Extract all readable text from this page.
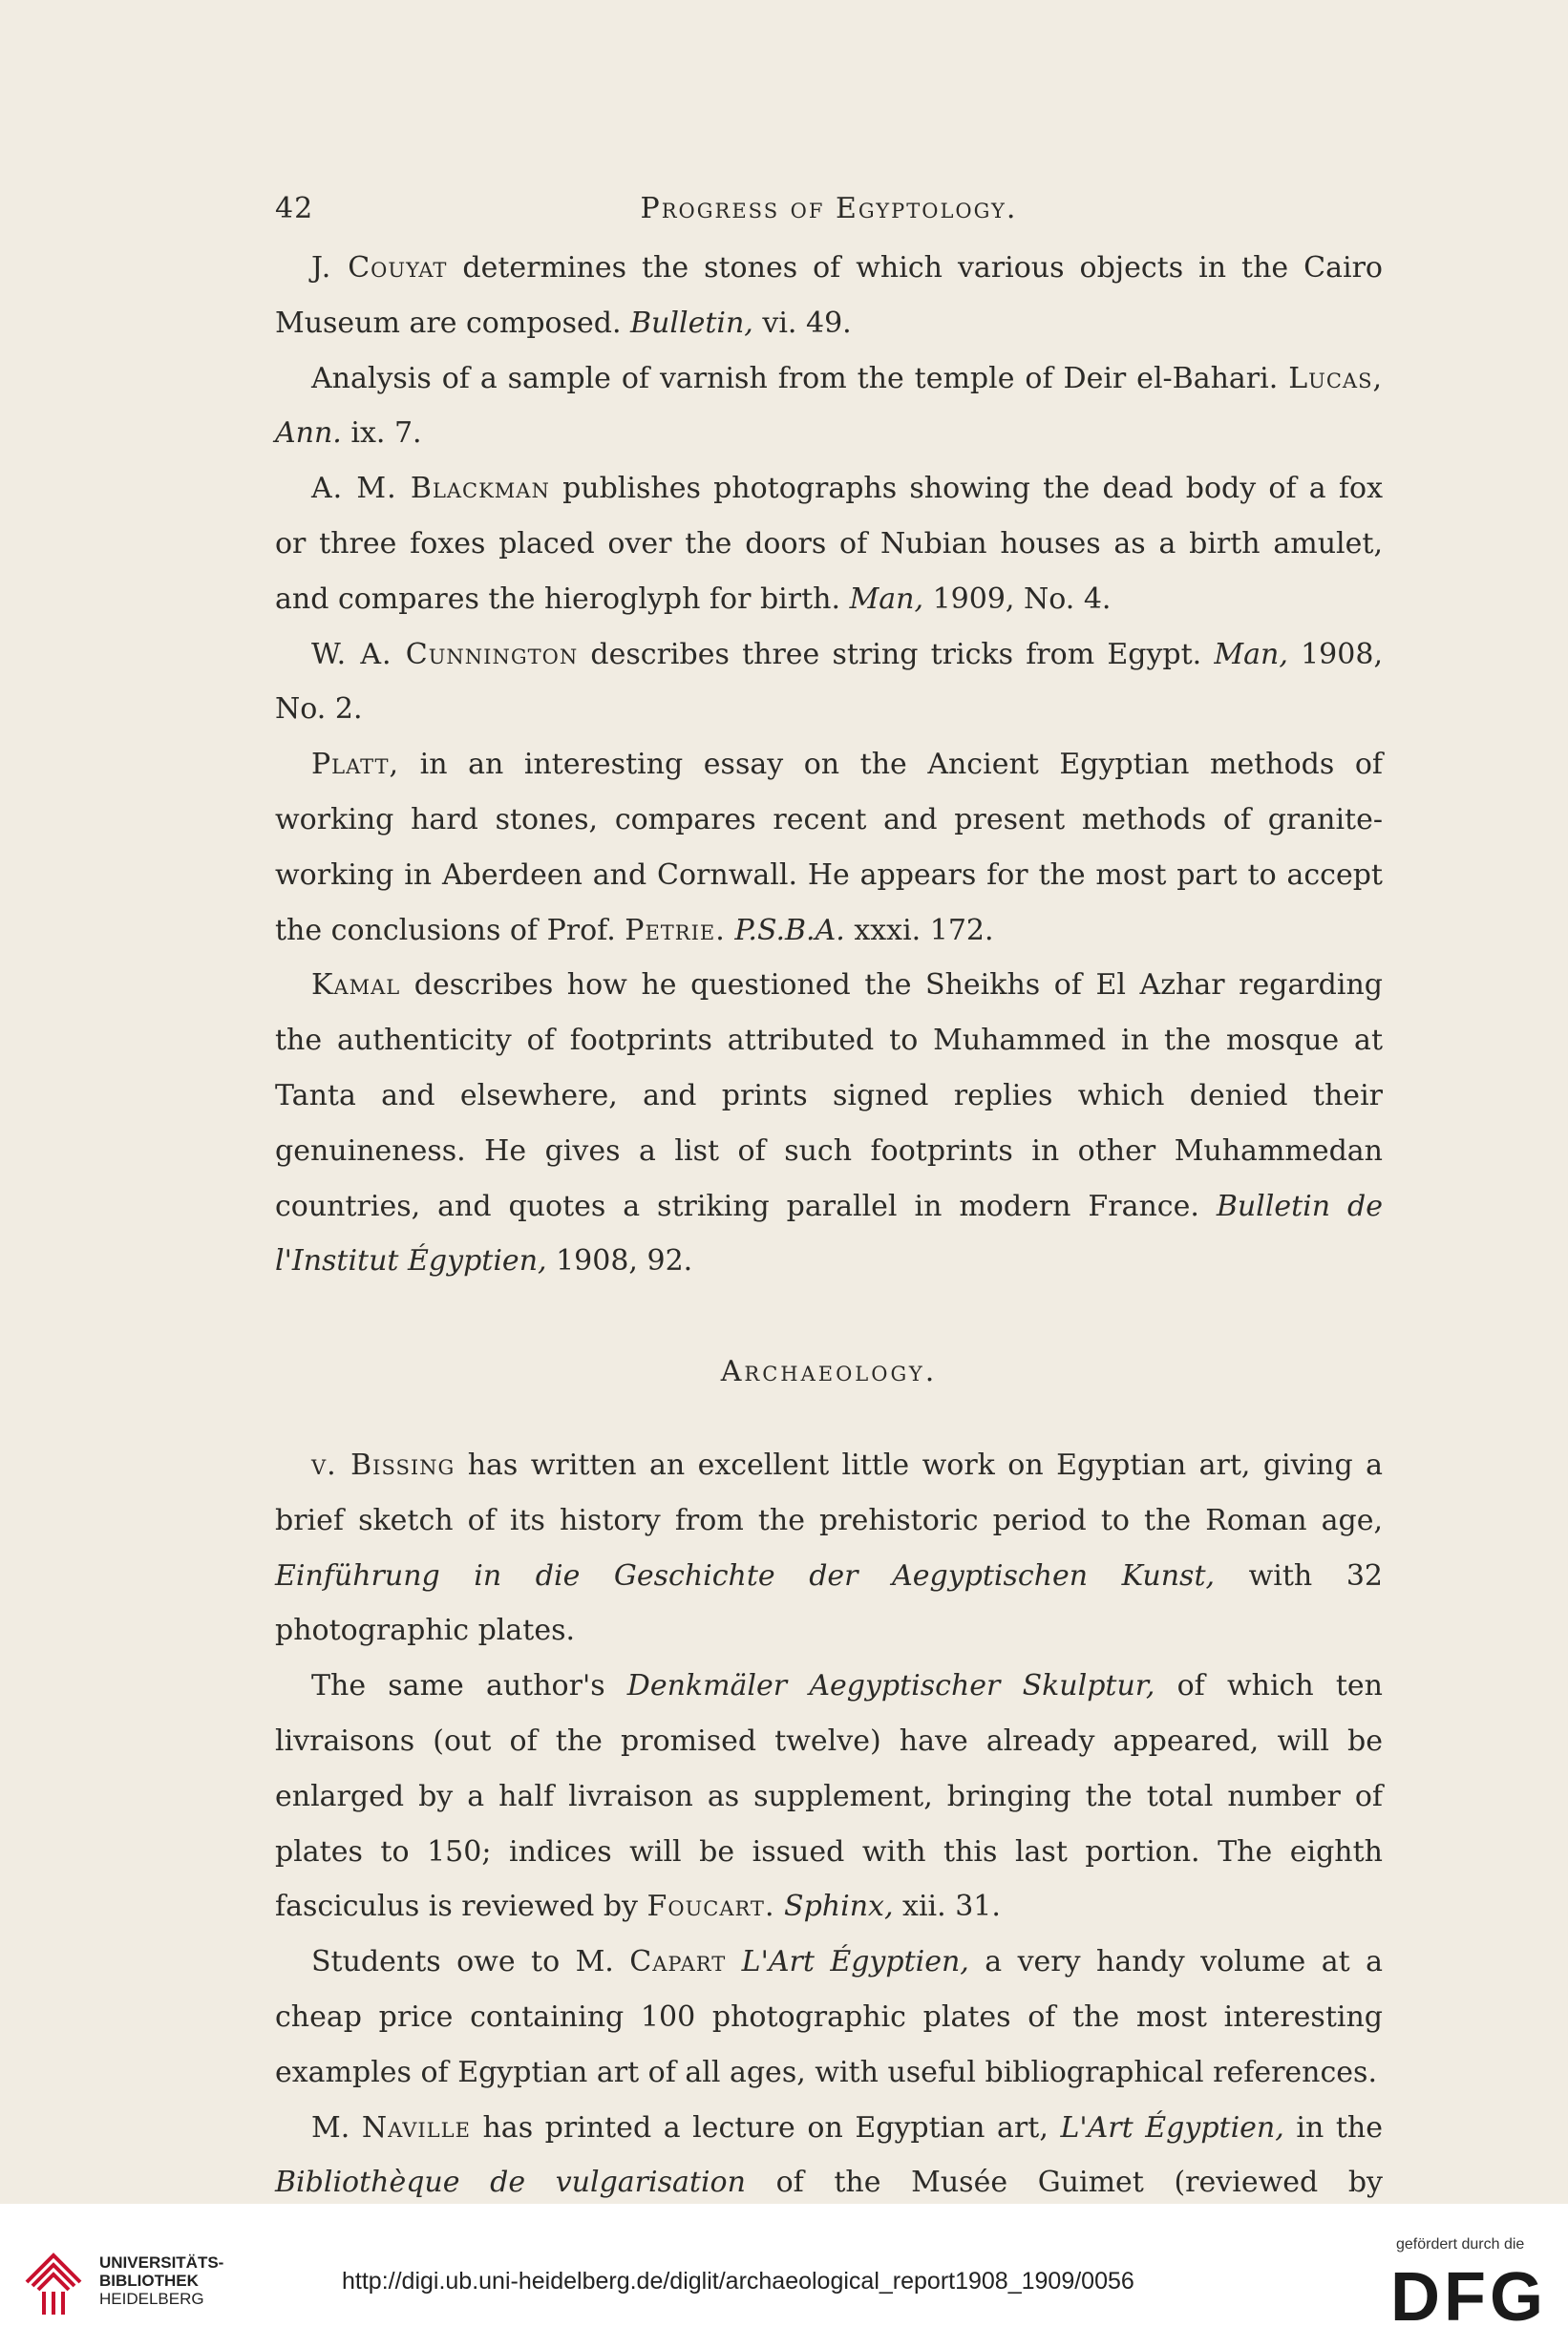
42	Progress of Egyptology.

J. Couyat determines the stones of which various objects in the Cairo Museum are composed. Bulletin, vi. 49.

Analysis of a sample of varnish from the temple of Deir el-Bahari. Lucas, Ann. ix. 7.

A. M. Blackman publishes photographs showing the dead body of a fox or three foxes placed over the doors of Nubian houses as a birth amulet, and compares the hieroglyph for birth. Man, 1909, No. 4.

W. A. Cunnington describes three string tricks from Egypt. Man, 1908, No. 2.

Platt, in an interesting essay on the Ancient Egyptian methods of working hard stones, compares recent and present methods of granite-working in Aberdeen and Cornwall. He appears for the most part to accept the conclusions of Prof. Petrie. P.S.B.A. xxxi. 172.

Kamal describes how he questioned the Sheikhs of El Azhar regarding the authenticity of footprints attributed to Muhammed in the mosque at Tanta and elsewhere, and prints signed replies which denied their genuineness. He gives a list of such footprints in other Muhammedan countries, and quotes a striking parallel in modern France. Bulletin de l'Institut Égyptien, 1908, 92.

Archaeology.

v. Bissing has written an excellent little work on Egyptian art, giving a brief sketch of its history from the prehistoric period to the Roman age, Einführung in die Geschichte der Aegyptischen Kunst, with 32 photographic plates.

The same author's Denkmäler Aegyptischer Skulptur, of which ten livraisons (out of the promised twelve) have already appeared, will be enlarged by a half livraison as supplement, bringing the total number of plates to 150; indices will be issued with this last portion. The eighth fasciculus is reviewed by Foucart. Sphinx, xii. 31.

Students owe to M. Capart L'Art Égyptien, a very handy volume at a cheap price containing 100 photographic plates of the most interesting examples of Egyptian art of all ages, with useful bibliographical references.

M. Naville has printed a lecture on Egyptian art, L'Art Égyptien, in the Bibliothèque de vulgarisation of the Musée Guimet (reviewed by

UNIVERSITÄTS-
BIBLIOTHEK
HEIDELBERG
http://digi.ub.uni-heidelberg.de/diglit/archaeological_report1908_1909/0056
gefördert durch die
DFG
